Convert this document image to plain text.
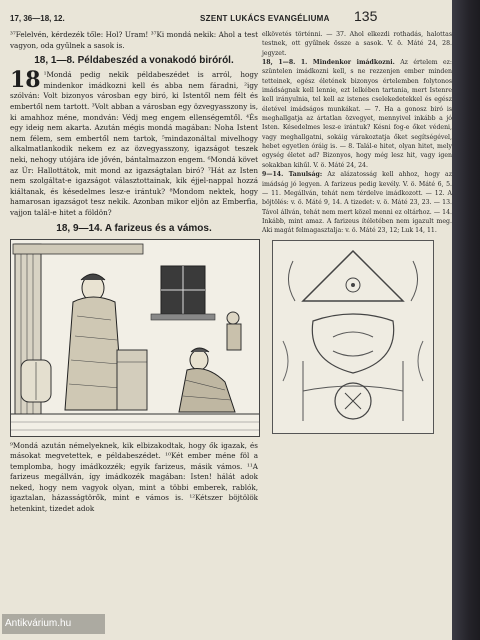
17, 36—18, 12.	SZENT LUKÁCS EVANGÉLIUMA 135

³⁷Felelvén, kérdezék tőle: Hol? Uram! ³⁷Ki mondá nekik: Ahol a test vagyon, oda gyűlnek a sasok is.

18, 1—8. Példabeszéd a vonakodó biróról.

18 ¹Mondá pedig nekik példabeszédet is arról, hogy mindenkor imádkozni kell és abba nem fáradni, ²igy szólván: Volt bizonyos városban egy biró, ki Istentől nem félt és embertől nem tartott. ³Volt abban a városban egy özvegyasszony is, ki amahhoz méne, mondván: Védj meg engem ellenségemtől. ⁴És egy ideig nem akarta. Azután mégis mondá magában: Noha Istent nem félem, sem embertől nem tartok, ⁵mindazonáltal mivelhogy alkalmatlankodik nekem ez az özvegyasszony, igazságot teszek neki, nehogy utójára ide jővén, bántalmazzon engem. ⁶Mondá követ az Úr: Hallottátok, mit mond az igazságtalan biró? ⁷Hát az Isten nem szolgáltat-e igazságot választottainak, kik éjjel-nappal hozzá kiáltanak, és késedelmes lesz-e irántuk? ⁸Mondom nektek, hogy hamarosan igazságot tesz nekik. Azonban mikor eljön az Emberfia, vajjon talál-e hitet a földön?

18, 9—14. A farizeus és a vámos.

⁹Mondá azután némelyeknek, kik elbizakodtak, hogy ők igazak, és másokat megvetettek, e példabeszédet. ¹⁰Két ember méne föl a templomba, hogy imádkozzék; egyik farizeus, másik vámos. ¹¹A farizeus megállván, így imádkozék magában: Isten! hálát adok neked, hogy nem vagyok olyan, mint a többi emberek, rablók, igaztalan, házasságtörők, mint e vámos is. ¹²Kétszer böjtölök hetenkint, tizedet adok

elkövetés történni. — 37. Ahol elkezdi rothadás, halottas testnek, ott gyűlnek össze a sasok. V. ö. Máté 24, 28. jegyzet.

18, 1—8. 1. Mindenkor imádkozni. Az értelem ez: szüntelen imádkozni kell, s ne rezzenjen ember minden tetteinek, egész életének bizonyos értelemben folytonos imádságnak kell lennie, ezt lelkében tartania, mert Istenre kell irányulnia, tel kell az istenes cselekedetekkel és egész életével imádságos munkákat. — 7. Ha a gonosz biró is meghallgatja az ártatlan özvegyet, mennyivel inkább a jó Isten. Késedelmes lesz-e irántuk? Késni fog-e őket védeni, vagy meghallgatni, sokáig várakoztatja őket segítségével, hebet egyetlen óráig is. — 8. Talál-e hitet, olyan hitet, mely egység életet ad? Bizonyos, hogy még lesz hit, vagy igen sokakban kihűl. V. ö. Máté 24, 24.

9—14. Tanulság: Az alázatosság kell ahhoz, hogy az imádság jó legyen. A farizeus pedig kevély. V. ö. Máté 6, 5. — 11. Megállván, tehát nem térdelve imádkozott. — 12. A böjtölés: v. ö. Máté 9, 14. A tizedet: v. ö. Máté 23, 23. — 13. Távol állván, tehát nem mert közel menni ez oltárhoz. — 14. Inkább, mint amaz. A farizeus ítéletében nem igazult meg. Aki magát felmagasztalja: v. ö. Máté 23, 12; Luk 14, 11.

Antikvárium.hu
